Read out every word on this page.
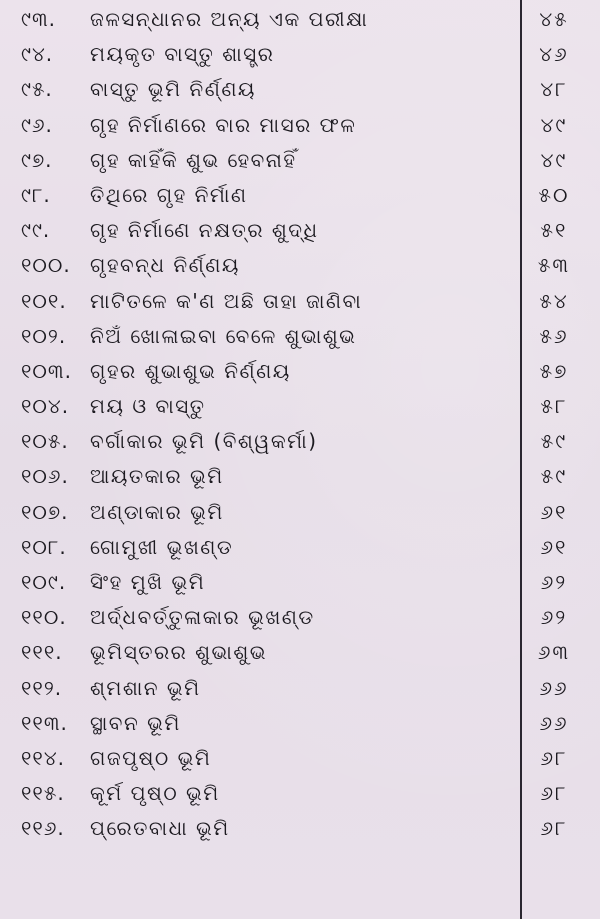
୯୩. ଜଳସନ୍ଧାନର ଅନ୍ୟ ଏକ ପରୀକ୍ଷା	୪୫
୯୪. ମୟକୃତ ବାସ୍ତୁ ଶାସ୍ତ୍ର	୪୬
୯୫. ବାସ୍ତୁ ଭୂମି ନିର୍ଣ୍ଣୟ	୪୮
୯୬. ଗୃହ ନିର୍ମାଣରେ ବାର ମାସର ଫଳ	୪୯
୯୭. ଗୃହ କାହିଁକି ଶୁଭ ହେବନାହିଁ	୪୯
୯୮. ତିଥିରେ ଗୃହ ନିର୍ମାଣ	୫୦
୯୯. ଗୃହ ନିର୍ମାଣେ ନକ୍ଷତ୍ର ଶୁଦ୍ଧି	୫୧
୧୦୦. ଗୃହବନ୍ଧ ନିର୍ଣ୍ଣୟ	୫୩
୧୦୧. ମାଟିତଳେ କ'ଣ ଅଛି ତାହା ଜାଣିବା	୫୪
୧୦୨. ନିଅଁ ଖୋଳାଇବା ବେଳେ ଶୁଭାଶୁଭ	୫୬
୧୦୩. ଗୃହର ଶୁଭାଶୁଭ ନିର୍ଣ୍ଣୟ	୫୭
୧୦୪. ମୟ ଓ ବାସ୍ତୁ	୫୮
୧୦୫. ବର୍ଗାକାର ଭୂମି (ବିଶ୍ୱକର୍ମା)	୫୯
୧୦୬. ଆୟତକାର ଭୂମି	୫୯
୧୦୭. ଅଣ୍ଡାକାର ଭୂମି	୬୧
୧୦୮. ଗୋମୁଖୀ ଭୂଖଣ୍ଡ	୬୧
୧୦୯. ସିଂହ ମୁଖି ଭୂମି	୬୨
୧୧୦. ଅର୍ଦ୍ଧବର୍ତ୍ତୁଳାକାର ଭୂଖଣ୍ଡ	୬୨
୧୧୧. ଭୂମିସ୍ତରର ଶୁଭାଶୁଭ	୬୩
୧୧୨. ଶ୍ମଶାନ ଭୂମି	୬୬
୧୧୩. ସ୍ଥାବନ ଭୂମି	୬୬
୧୧୪. ଗଜପୃଷ୍ଠ ଭୂମି	୬୮
୧୧୫. କୂର୍ମ ପୃଷ୍ଠ ଭୂମି	୬୮
୧୧୬. ପ୍ରେତବାଧା ଭୂମି	୬୮
